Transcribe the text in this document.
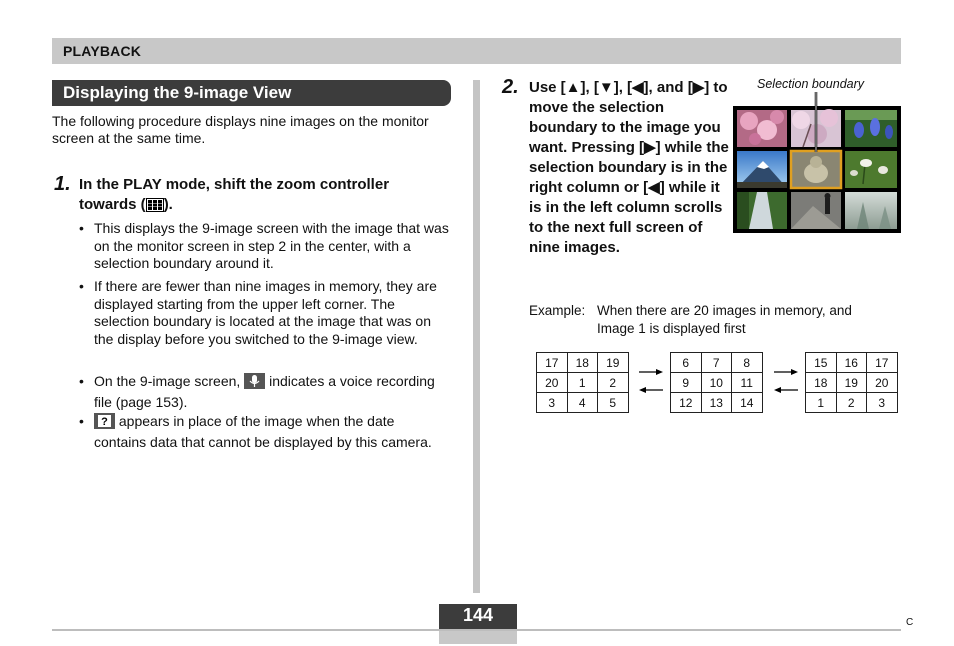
PLAYBACK
Displaying the 9-image View
The following procedure displays nine images on the monitor screen at the same time.
1. In the PLAY mode, shift the zoom controller towards ( ).
• This displays the 9-image screen with the image that was on the monitor screen in step 2 in the center, with a selection boundary around it.
• If there are fewer than nine images in memory, they are displayed starting from the upper left corner. The selection boundary is located at the image that was on the display before you switched to the 9-image view.
• On the 9-image screen,  indicates a voice recording file (page 153).
• ? appears in place of the image when the date contains data that cannot be displayed by this camera.
2. Use [▲], [▼], [◀], and [▶] to move the selection boundary to the image you want. Pressing [▶] while the selection boundary is in the right column or [◀] while it is in the left column scrolls to the next full screen of nine images.
Selection boundary
Example: When there are 20 images in memory, and
Image 1 is displayed first
17	18	19
20	1	2
3	4	5
6	7	8
9	10	11
12	13	14
15	16	17
18	19	20
1	2	3
144	C
